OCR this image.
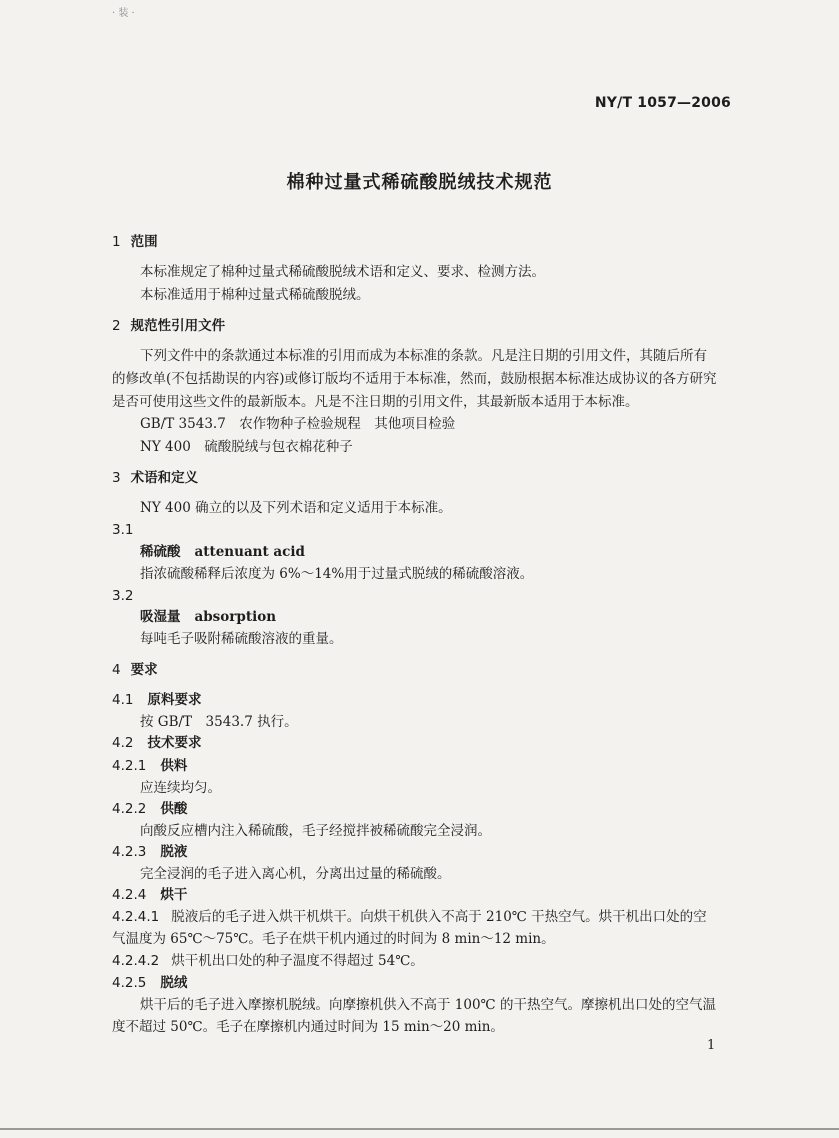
· 装 ·
NY/T 1057—2006
棉种过量式稀硫酸脱绒技术规范
1 范围
本标准规定了棉种过量式稀硫酸脱绒术语和定义、要求、检测方法。
本标准适用于棉种过量式稀硫酸脱绒。
2 规范性引用文件
下列文件中的条款通过本标准的引用而成为本标准的条款。凡是注日期的引用文件，其随后所有
的修改单(不包括勘误的内容)或修订版均不适用于本标准，然而，鼓励根据本标准达成协议的各方研究
是否可使用这些文件的最新版本。凡是不注日期的引用文件，其最新版本适用于本标准。
GB/T 3543.7　农作物种子检验规程　其他项目检验
NY 400　硫酸脱绒与包衣棉花种子
3 术语和定义
NY 400 确立的以及下列术语和定义适用于本标准。
3.1
稀硫酸 attenuant acid
指浓硫酸稀释后浓度为 6%～14%用于过量式脱绒的稀硫酸溶液。
3.2
吸湿量 absorption
每吨毛子吸附稀硫酸溶液的重量。
4 要求
4.1 原料要求
按 GB/T　3543.7 执行。
4.2 技术要求
4.2.1 供料
应连续均匀。
4.2.2 供酸
向酸反应槽内注入稀硫酸，毛子经搅拌被稀硫酸完全浸润。
4.2.3 脱液
完全浸润的毛子进入离心机，分离出过量的稀硫酸。
4.2.4 烘干
4.2.4.1 脱液后的毛子进入烘干机烘干。向烘干机供入不高于 210℃ 干热空气。烘干机出口处的空
气温度为 65℃～75℃。毛子在烘干机内通过的时间为 8 min～12 min。
4.2.4.2 烘干机出口处的种子温度不得超过 54℃。
4.2.5 脱绒
烘干后的毛子进入摩擦机脱绒。向摩擦机供入不高于 100℃ 的干热空气。摩擦机出口处的空气温
度不超过 50℃。毛子在摩擦机内通过时间为 15 min～20 min。
1
